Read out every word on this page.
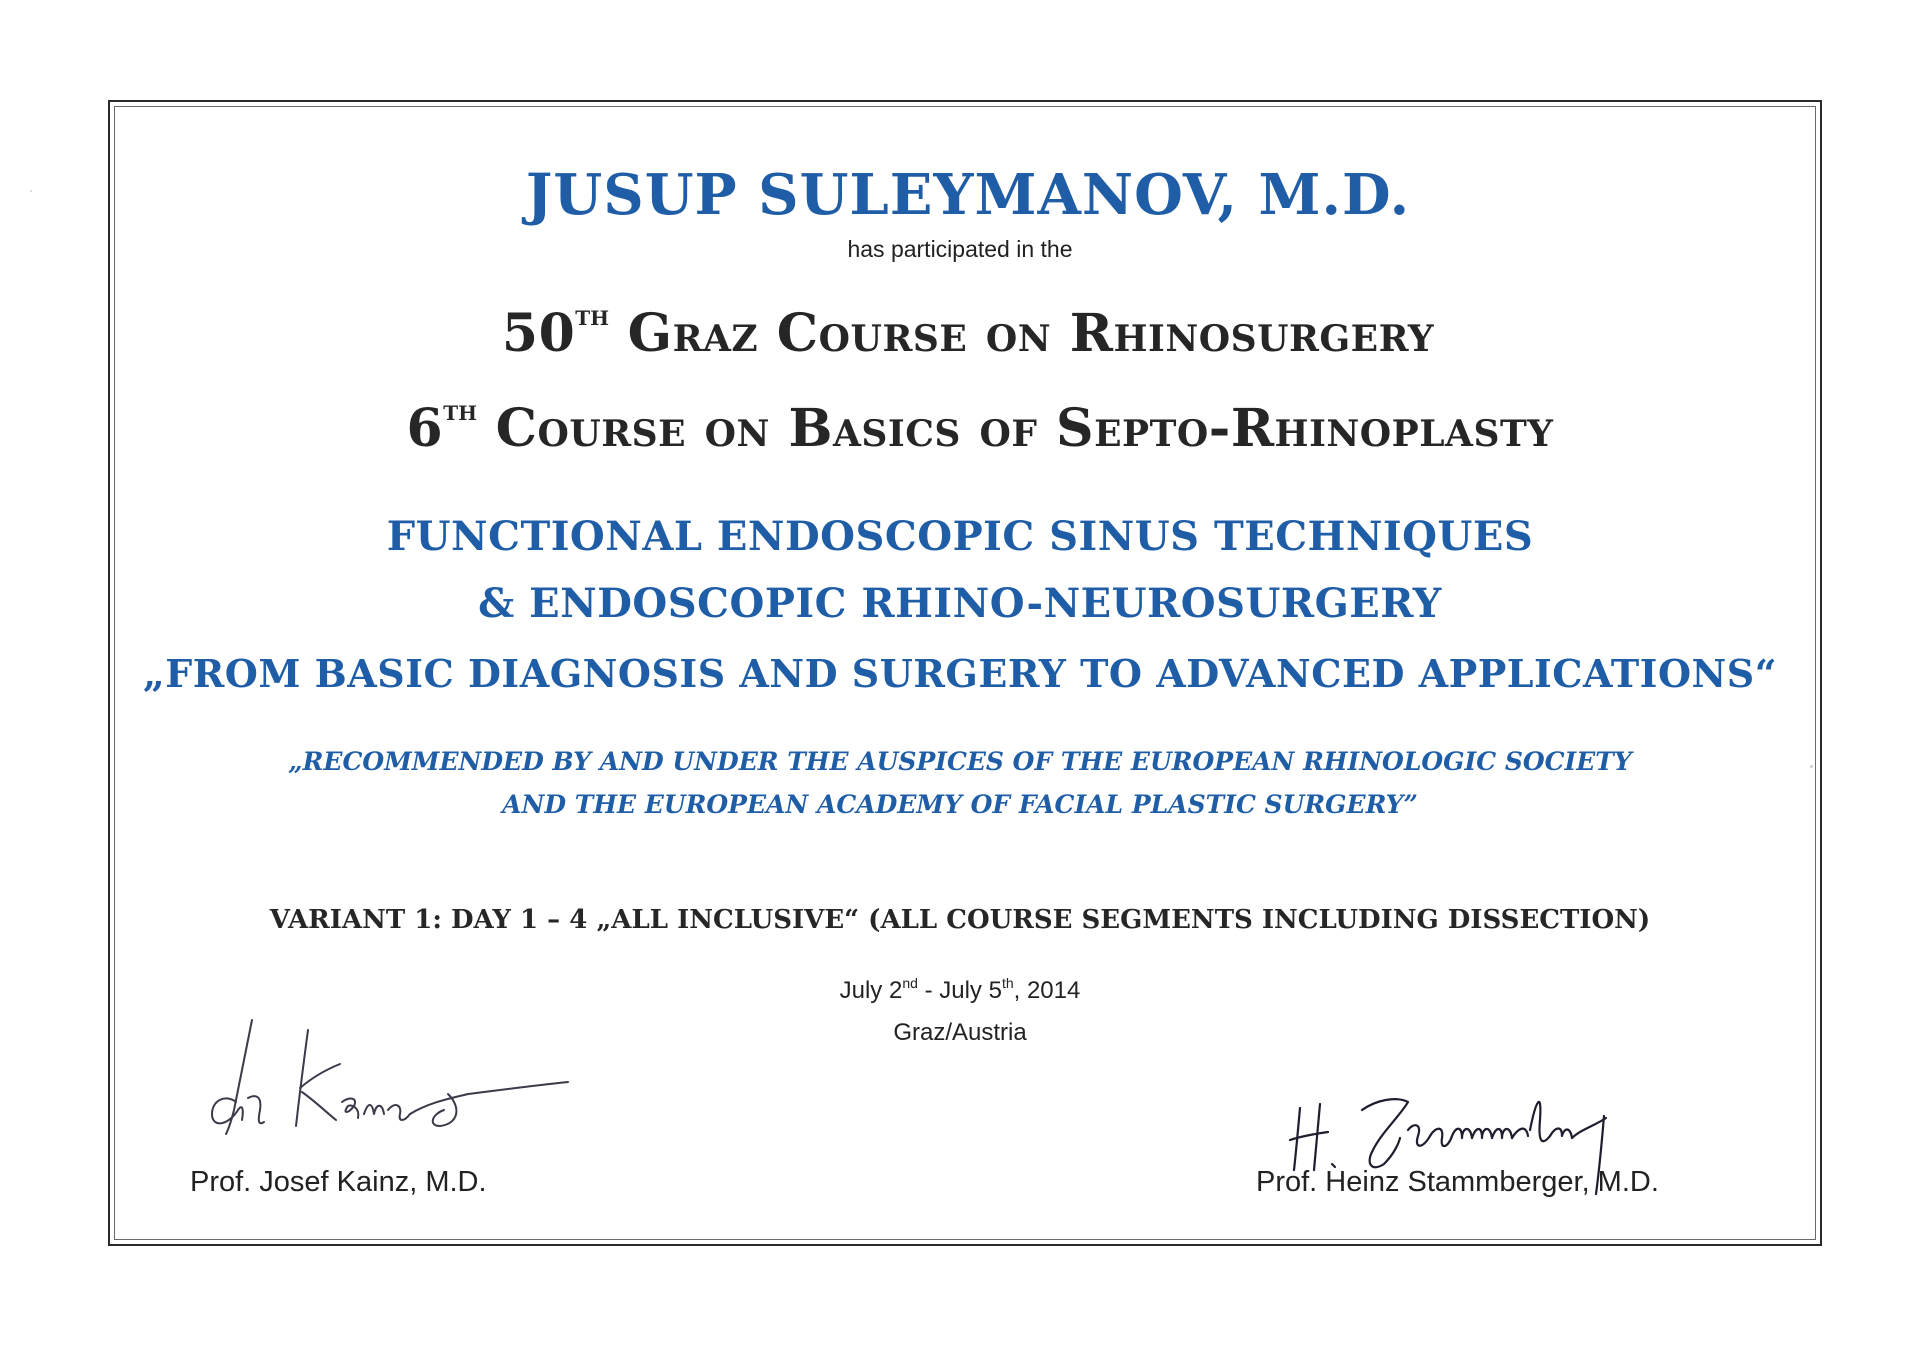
JUSUP SULEYMANOV, M.D.
has participated in the
50TH Graz Course on Rhinosurgery
6TH Course on Basics of Septo-Rhinoplasty
FUNCTIONAL ENDOSCOPIC SINUS TECHNIQUES
& ENDOSCOPIC RHINO-NEUROSURGERY
„FROM BASIC DIAGNOSIS AND SURGERY TO ADVANCED APPLICATIONS“
„RECOMMENDED BY AND UNDER THE AUSPICES OF THE EUROPEAN RHINOLOGIC SOCIETY
AND THE EUROPEAN ACADEMY OF FACIAL PLASTIC SURGERY”
VARIANT 1: DAY 1 – 4 „ALL INCLUSIVE“ (ALL COURSE SEGMENTS INCLUDING DISSECTION)
July 2nd - July 5th, 2014
Graz/Austria
Prof. Josef Kainz, M.D.	Prof. Heinz Stammberger, M.D.
